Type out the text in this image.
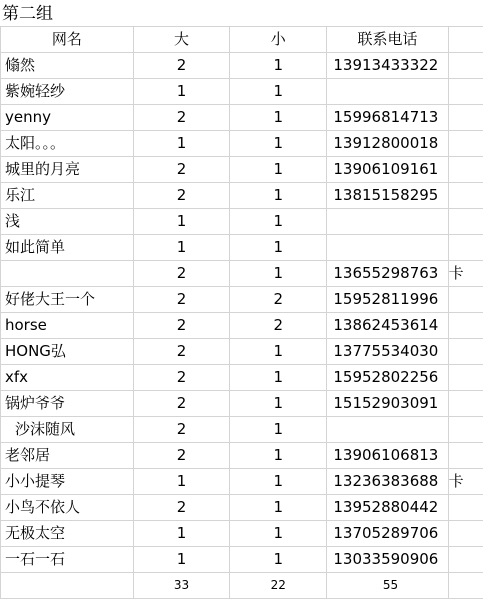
第二组
网名	大	小	联系电话	
翛然	2	1	13913433322	
紫婉轻纱	1	1		
yenny	2	1	15996814713	
太阳。。。	1	1	13912800018	
城里的月亮	2	1	13906109161	
乐江	2	1	13815158295	
浅	1	1		
如此简单	1	1		
	2	1	13655298763	卡
好佬大王一个	2	2	15952811996	
horse	2	2	13862453614	
HONG弘	2	1	13775534030	
xfx	2	1	15952802256	
锅炉爷爷	2	1	15152903091	
沙沫随风	2	1		
老邻居	2	1	13906106813	
小小提琴	1	1	13236383688	卡
小鸟不依人	2	1	13952880442	
无极太空	1	1	13705289706	
一石一石	1	1	13033590906	
	33	22	55	
